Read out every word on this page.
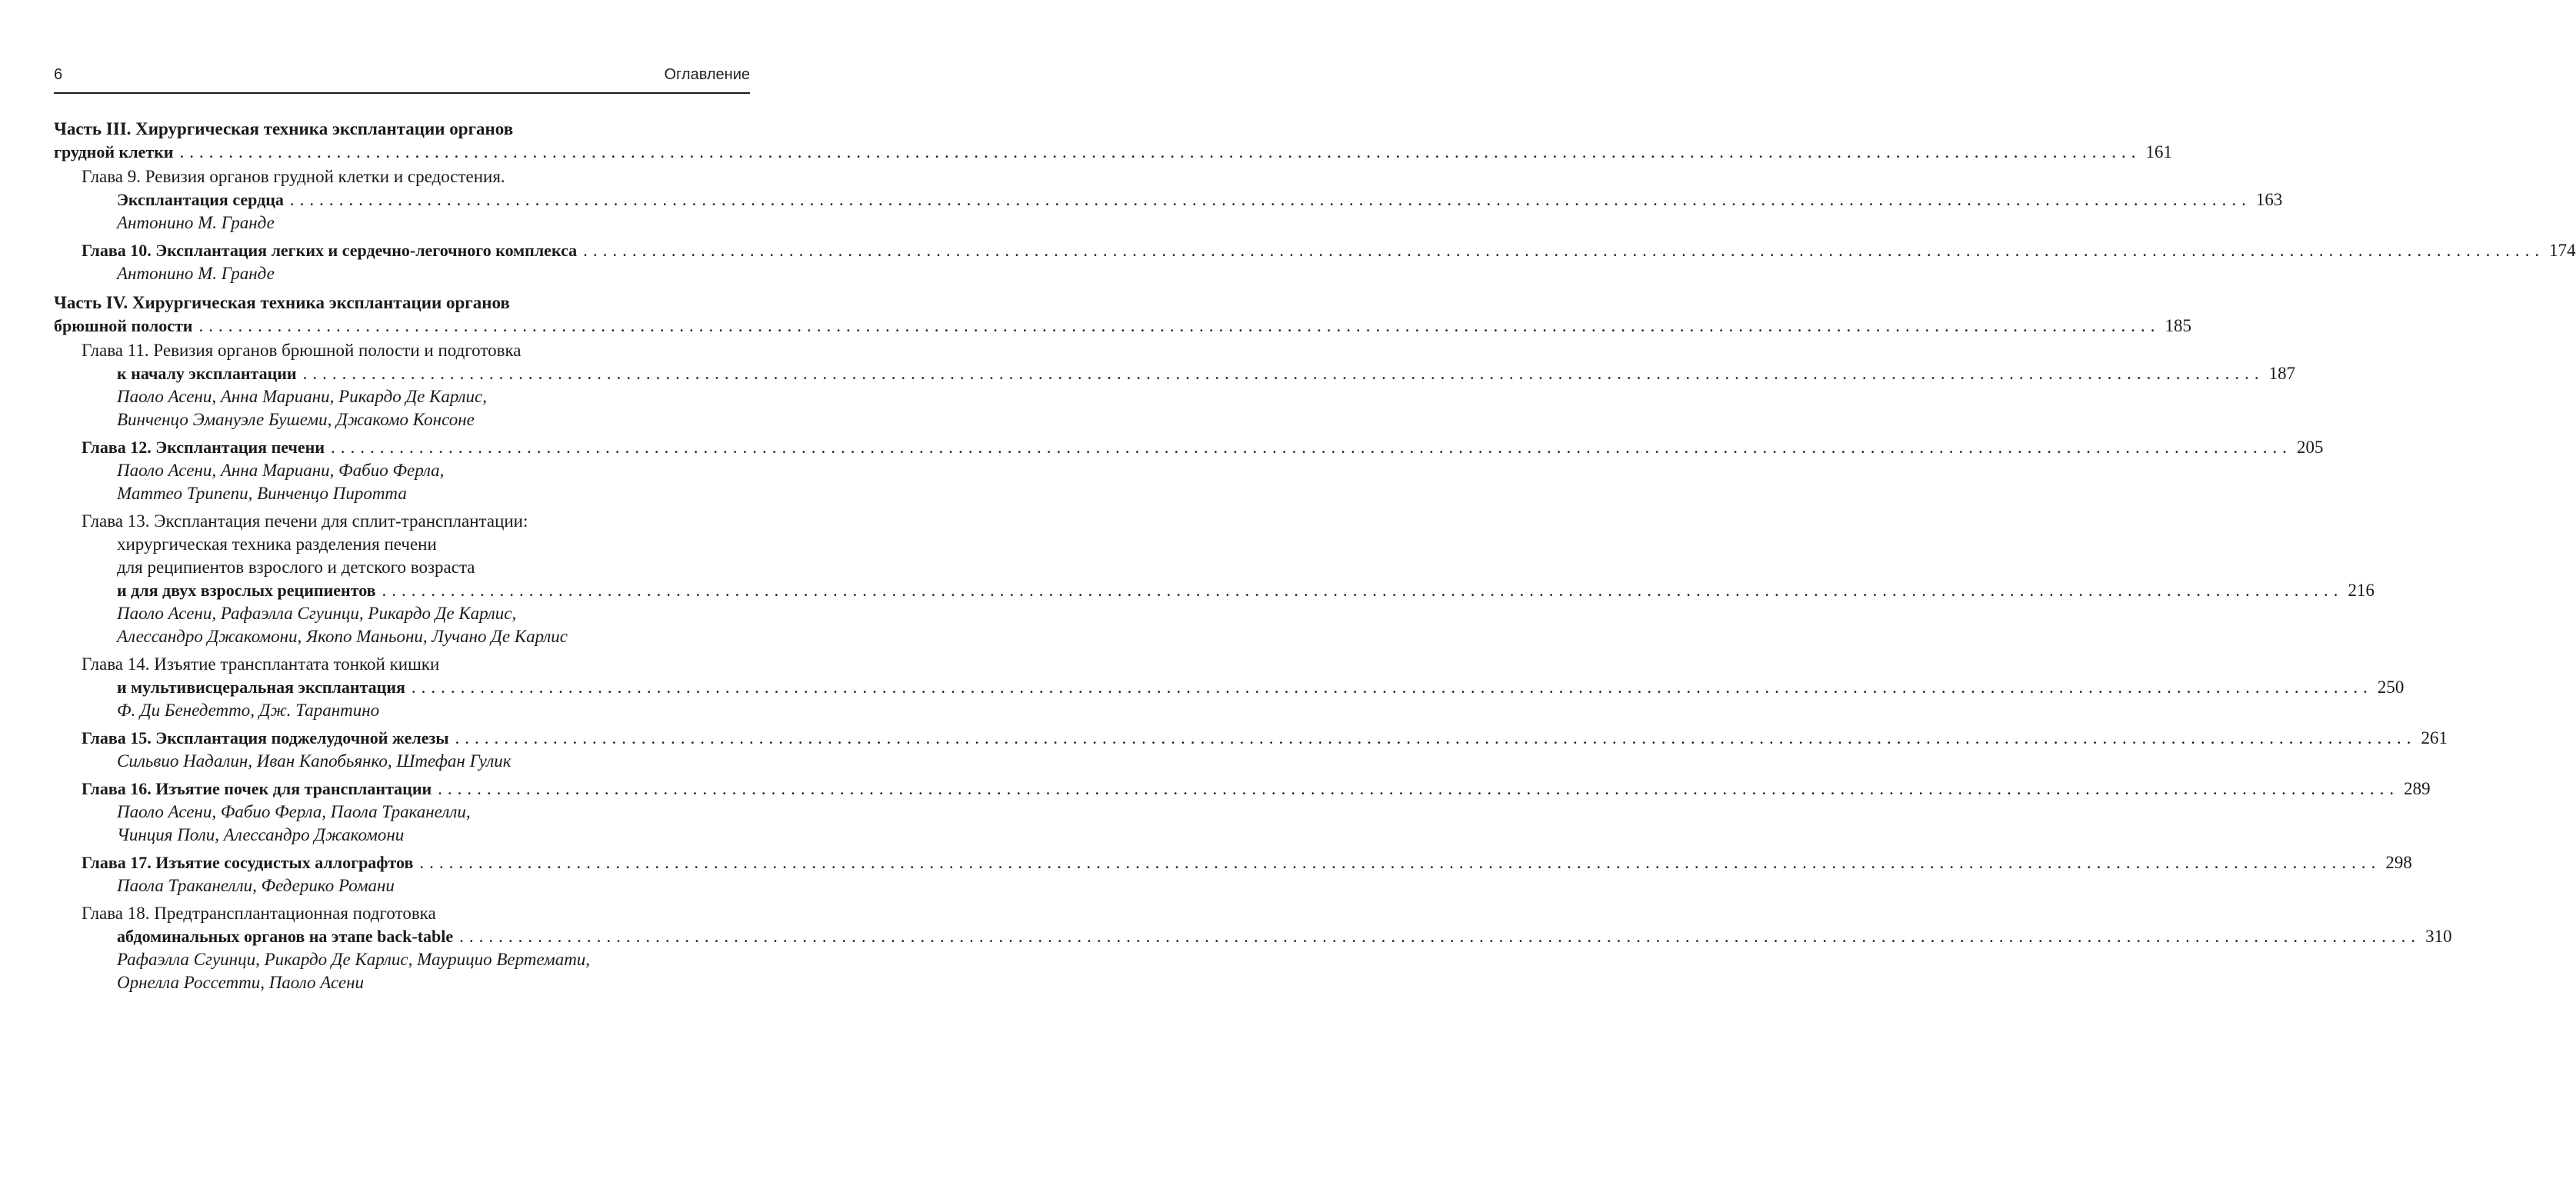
6	Оглавление
Часть III. Хирургическая техника эксплантации органов
грудной клетки ........................................................................................................................................................................................................ 161
Глава 9. Ревизия органов грудной клетки и средостения.
Эксплантация сердца ........................................................................................................................................................................................................ 163
Антонино М. Гранде
Глава 10. Эксплантация легких и сердечно-легочного комплекса ........................................................................................................................................................................................................ 174
Антонино М. Гранде
Часть IV. Хирургическая техника эксплантации органов
брюшной полости ........................................................................................................................................................................................................ 185
Глава 11. Ревизия органов брюшной полости и подготовка
к началу эксплантации ........................................................................................................................................................................................................ 187
Паоло Асени, Анна Мариани, Рикардо Де Карлис,
Винченцо Эмануэле Бушеми, Джакомо Консоне
Глава 12. Эксплантация печени ........................................................................................................................................................................................................ 205
Паоло Асени, Анна Мариани, Фабио Ферла,
Маттео Трипепи, Винченцо Пиротта
Глава 13. Эксплантация печени для сплит-трансплантации:
хирургическая техника разделения печени
для реципиентов взрослого и детского возраста
и для двух взрослых реципиентов ........................................................................................................................................................................................................ 216
Паоло Асени, Рафаэлла Сгуинци, Рикардо Де Карлис,
Алессандро Джакомони, Якопо Маньони, Лучано Де Карлис
Глава 14. Изъятие трансплантата тонкой кишки
и мультивисцеральная эксплантация ........................................................................................................................................................................................................ 250
Ф. Ди Бенедетто, Дж. Тарантино
Глава 15. Эксплантация поджелудочной железы ........................................................................................................................................................................................................ 261
Сильвио Надалин, Иван Капобьянко, Штефан Гулик
Глава 16. Изъятие почек для трансплантации ........................................................................................................................................................................................................ 289
Паоло Асени, Фабио Ферла, Паола Траканелли,
Чинция Поли, Алессандро Джакомони
Глава 17. Изъятие сосудистых аллографтов ........................................................................................................................................................................................................ 298
Паола Траканелли, Федерико Романи
Глава 18. Предтрансплантационная подготовка
абдоминальных органов на этапе back-table ........................................................................................................................................................................................................ 310
Рафаэлла Сгуинци, Рикардо Де Карлис, Маурицио Вертемати,
Орнелла Россетти, Паоло Асени
